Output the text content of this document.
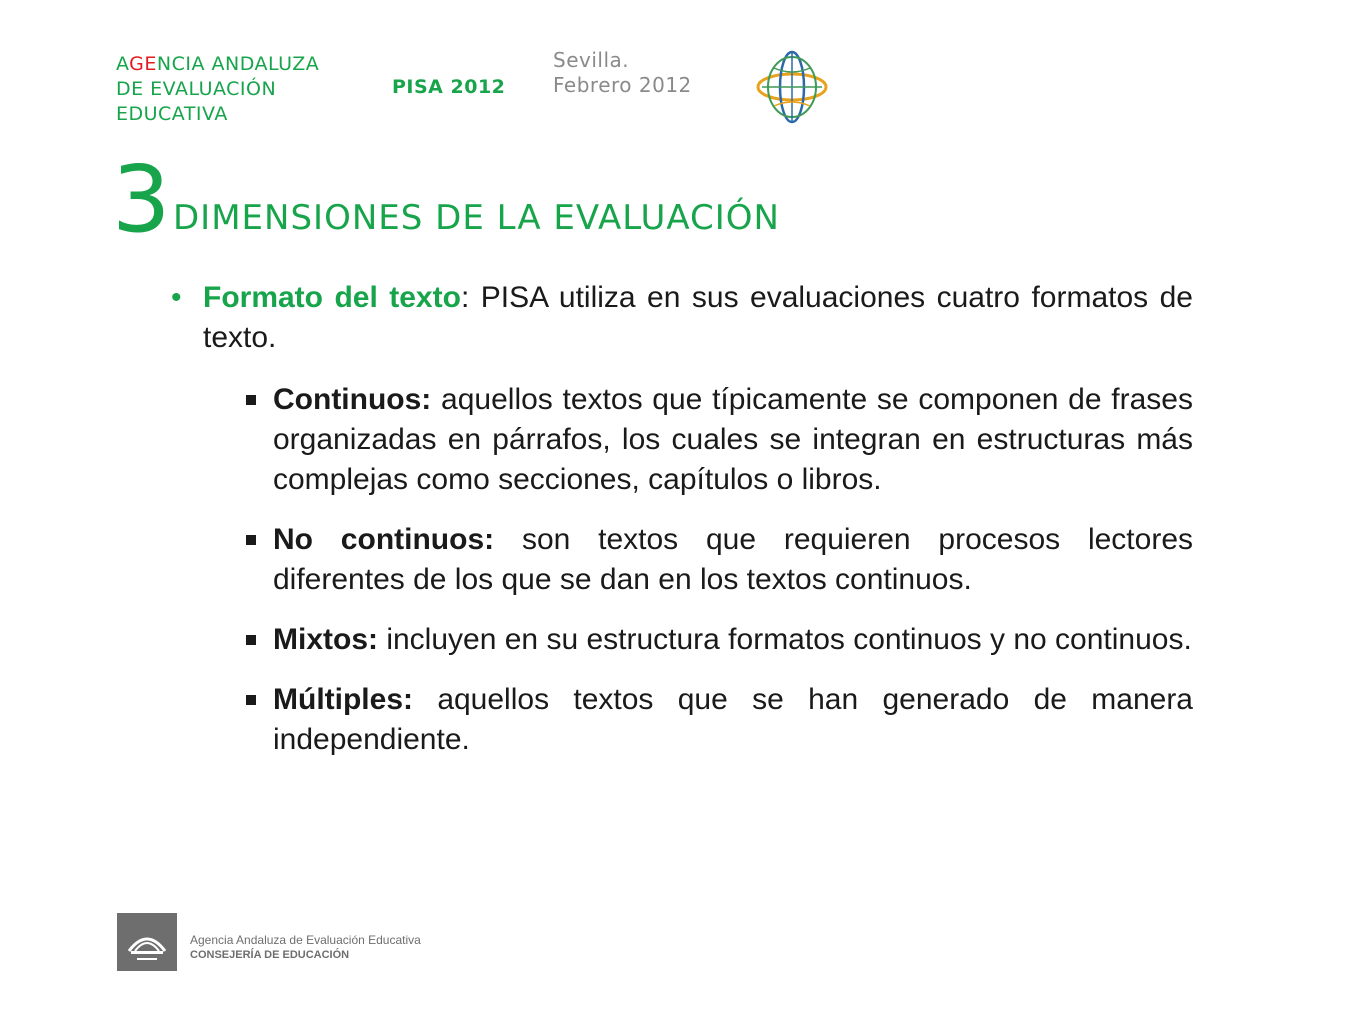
AGENCIA ANDALUZA
DE EVALUACIÓN
EDUCATIVA
PISA 2012
Sevilla.
Febrero 2012
3 DIMENSIONES DE LA EVALUACIÓN
• Formato del texto: PISA utiliza en sus evaluaciones cuatro formatos de texto.
Continuos: aquellos textos que típicamente se componen de frases organizadas en párrafos, los cuales se integran en estructuras más complejas como secciones, capítulos o libros.
No continuos: son textos que requieren procesos lectores diferentes de los que se dan en los textos continuos.
Mixtos: incluyen en su estructura formatos continuos y no continuos.
Múltiples: aquellos textos que se han generado de manera independiente.
Agencia Andaluza de Evaluación Educativa
CONSEJERÍA DE EDUCACIÓN
